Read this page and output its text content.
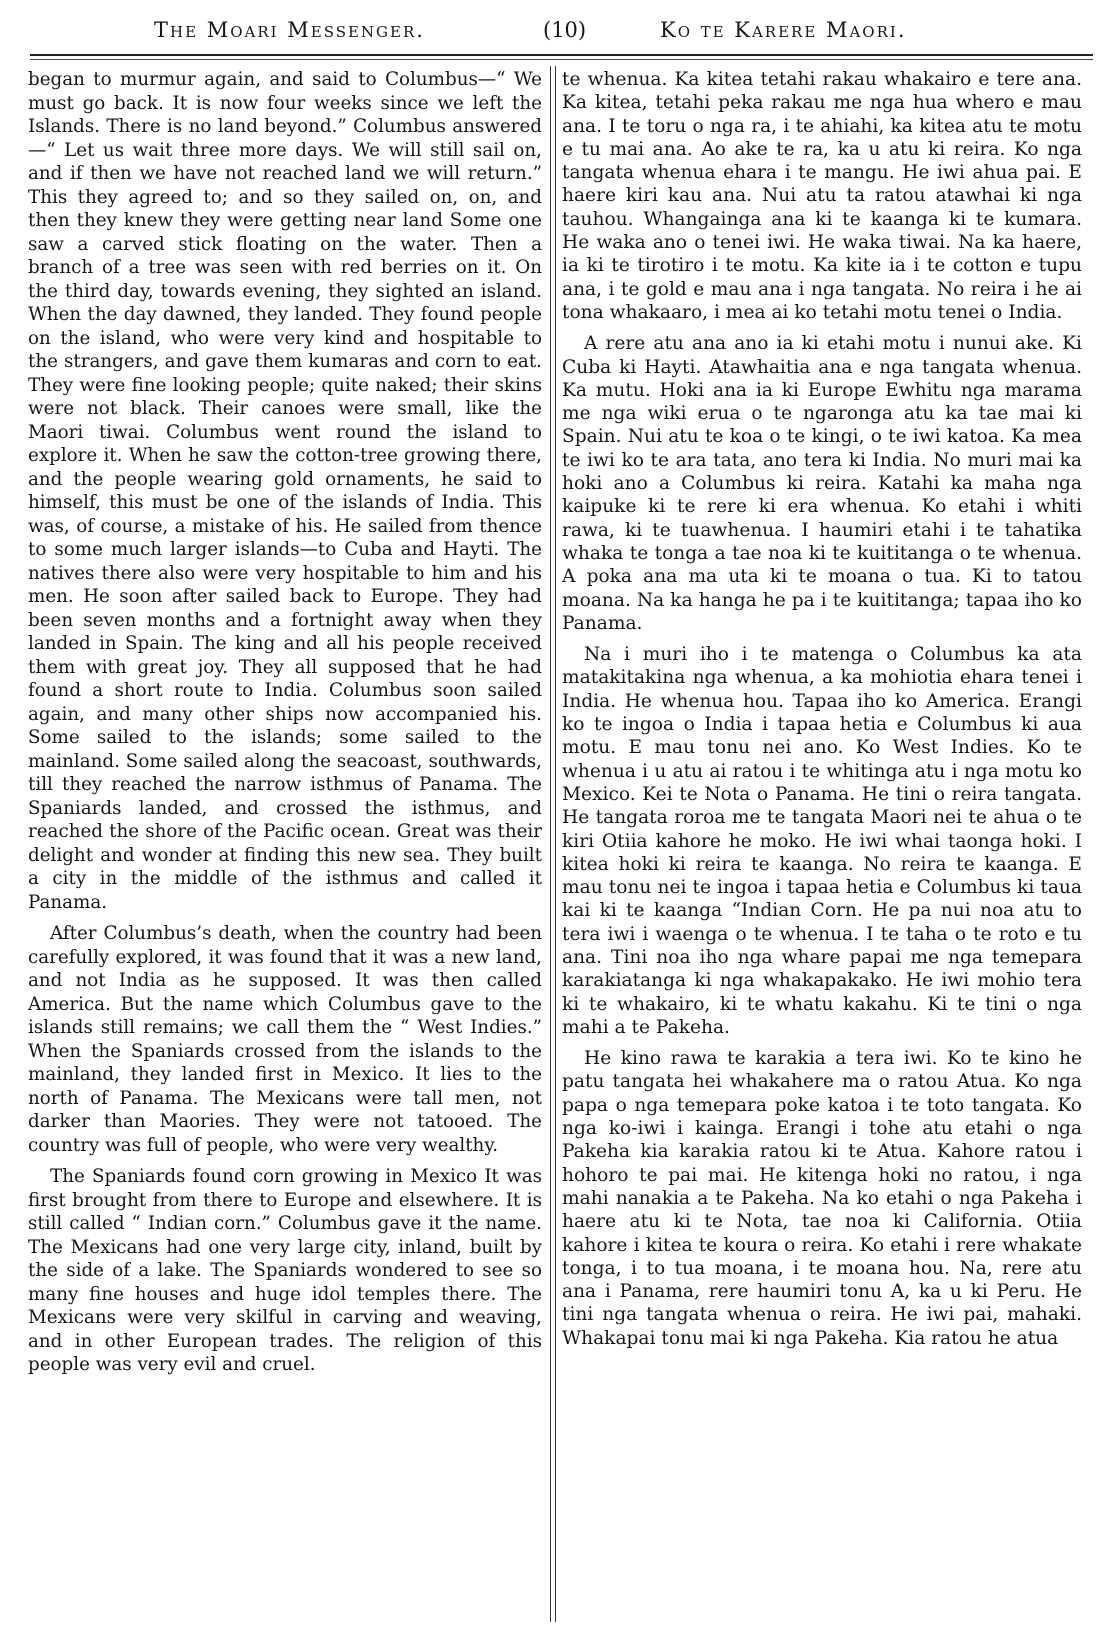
The Moari Messenger.	(10)	Ko te Karere Maori.

began to murmur again, and said to Columbus—“ We must go back. It is now four weeks since we left the Islands. There is no land beyond.” Columbus answered—“ Let us wait three more days. We will still sail on, and if then we have not reached land we will return.” This they agreed to; and so they sailed on, on, and then they knew they were getting near land Some one saw a carved stick floating on the water. Then a branch of a tree was seen with red berries on it. On the third day, towards evening, they sighted an island. When the day dawned, they landed. They found people on the island, who were very kind and hospitable to the strangers, and gave them kumaras and corn to eat. They were fine looking people; quite naked; their skins were not black. Their canoes were small, like the Maori tiwai. Columbus went round the island to explore it. When he saw the cotton-tree growing there, and the people wearing gold ornaments, he said to himself, this must be one of the islands of India. This was, of course, a mistake of his. He sailed from thence to some much larger islands—to Cuba and Hayti. The natives there also were very hospitable to him and his men. He soon after sailed back to Europe. They had been seven months and a fortnight away when they landed in Spain. The king and all his people received them with great joy. They all supposed that he had found a short route to India. Columbus soon sailed again, and many other ships now accompanied his. Some sailed to the islands; some sailed to the mainland. Some sailed along the seacoast, southwards, till they reached the narrow isthmus of Panama. The Spaniards landed, and crossed the isthmus, and reached the shore of the Pacific ocean. Great was their delight and wonder at finding this new sea. They built a city in the middle of the isthmus and called it Panama.

After Columbus’s death, when the country had been carefully explored, it was found that it was a new land, and not India as he supposed. It was then called America. But the name which Columbus gave to the islands still remains; we call them the “ West Indies.” When the Spaniards crossed from the islands to the mainland, they landed first in Mexico. It lies to the north of Panama. The Mexicans were tall men, not darker than Maories. They were not tatooed. The country was full of people, who were very wealthy.

The Spaniards found corn growing in Mexico It was first brought from there to Europe and elsewhere. It is still called “ Indian corn.” Columbus gave it the name. The Mexicans had one very large city, inland, built by the side of a lake. The Spaniards wondered to see so many fine houses and huge idol temples there. The Mexicans were very skilful in carving and weaving, and in other European trades. The religion of this people was very evil and cruel.

te whenua. Ka kitea tetahi rakau whakairo e tere ana. Ka kitea, tetahi peka rakau me nga hua whero e mau ana. I te toru o nga ra, i te ahiahi, ka kitea atu te motu e tu mai ana. Ao ake te ra, ka u atu ki reira. Ko nga tangata whenua ehara i te mangu. He iwi ahua pai. E haere kiri kau ana. Nui atu ta ratou atawhai ki nga tauhou. Whangainga ana ki te kaanga ki te kumara. He waka ano o tenei iwi. He waka tiwai. Na ka haere, ia ki te tirotiro i te motu. Ka kite ia i te cotton e tupu ana, i te gold e mau ana i nga tangata. No reira i he ai tona whakaaro, i mea ai ko tetahi motu tenei o India.

A rere atu ana ano ia ki etahi motu i nunui ake. Ki Cuba ki Hayti. Atawhaitia ana e nga tangata whenua. Ka mutu. Hoki ana ia ki Europe Ewhitu nga marama me nga wiki erua o te ngaronga atu ka tae mai ki Spain. Nui atu te koa o te kingi, o te iwi katoa. Ka mea te iwi ko te ara tata, ano tera ki India. No muri mai ka hoki ano a Columbus ki reira. Katahi ka maha nga kaipuke ki te rere ki era whenua. Ko etahi i whiti rawa, ki te tuawhenua. I haumiri etahi i te tahatika whaka te tonga a tae noa ki te kuititanga o te whenua. A poka ana ma uta ki te moana o tua. Ki to tatou moana. Na ka hanga he pa i te kuititanga; tapaa iho ko Panama.

Na i muri iho i te matenga o Columbus ka ata matakitakina nga whenua, a ka mohiotia ehara tenei i India. He whenua hou. Tapaa iho ko America. Erangi ko te ingoa o India i tapaa hetia e Columbus ki aua motu. E mau tonu nei ano. Ko West Indies. Ko te whenua i u atu ai ratou i te whitinga atu i nga motu ko Mexico. Kei te Nota o Panama. He tini o reira tangata. He tangata roroa me te tangata Maori nei te ahua o te kiri Otiia kahore he moko. He iwi whai taonga hoki. I kitea hoki ki reira te kaanga. No reira te kaanga. E mau tonu nei te ingoa i tapaa hetia e Columbus ki taua kai ki te kaanga “Indian Corn. He pa nui noa atu to tera iwi i waenga o te whenua. I te taha o te roto e tu ana. Tini noa iho nga whare papai me nga temepara karakiatanga ki nga whakapakako. He iwi mohio tera ki te whakairo, ki te whatu kakahu. Ki te tini o nga mahi a te Pakeha.

He kino rawa te karakia a tera iwi. Ko te kino he patu tangata hei whakahere ma o ratou Atua. Ko nga papa o nga temepara poke katoa i te toto tangata. Ko nga ko-iwi i kainga. Erangi i tohe atu etahi o nga Pakeha kia karakia ratou ki te Atua. Kahore ratou i hohoro te pai mai. He kitenga hoki no ratou, i nga mahi nanakia a te Pakeha. Na ko etahi o nga Pakeha i haere atu ki te Nota, tae noa ki California. Otiia kahore i kitea te koura o reira. Ko etahi i rere whakate tonga, i to tua moana, i te moana hou. Na, rere atu ana i Panama, rere haumiri tonu A, ka u ki Peru. He tini nga tangata whenua o reira. He iwi pai, mahaki. Whakapai tonu mai ki nga Pakeha. Kia ratou he atua
